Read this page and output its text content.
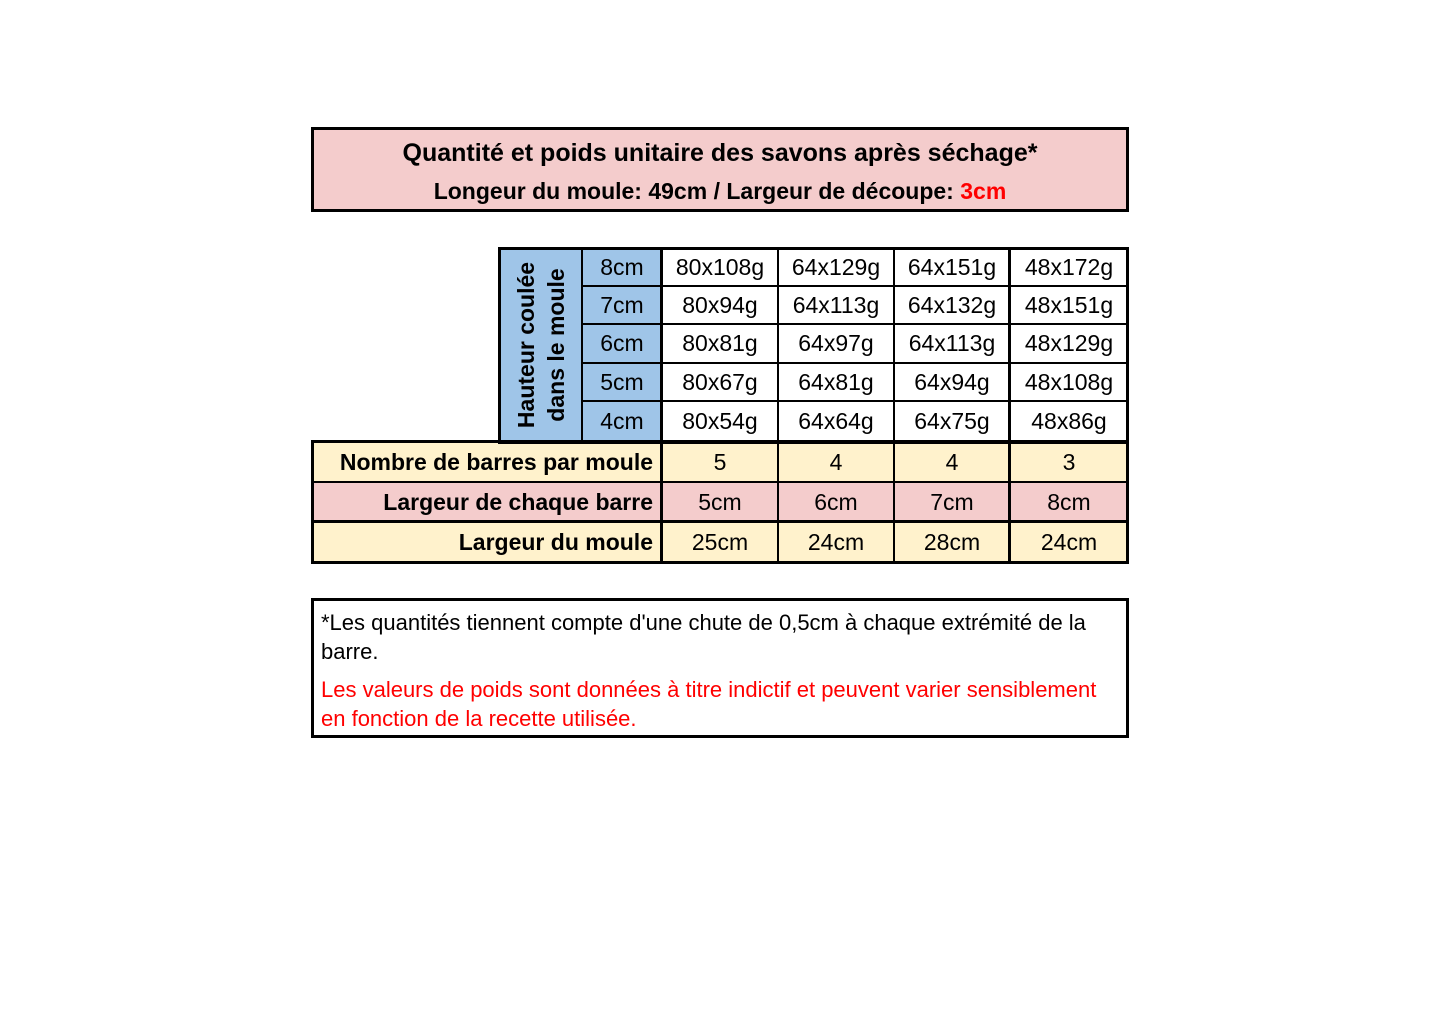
Quantité et poids unitaire des savons après séchage*
Longeur du moule: 49cm / Largeur de découpe: 3cm
Hauteur coulée dans le moule
8cm	80x108g	64x129g	64x151g	48x172g
7cm	80x94g	64x113g	64x132g	48x151g
6cm	80x81g	64x97g	64x113g	48x129g
5cm	80x67g	64x81g	64x94g	48x108g
4cm	80x54g	64x64g	64x75g	48x86g
Nombre de barres par moule	5	4	4	3
Largeur de chaque barre	5cm	6cm	7cm	8cm
Largeur du moule	25cm	24cm	28cm	24cm
*Les quantités tiennent compte d'une chute de 0,5cm à chaque extrémité de la barre.
Les valeurs de poids sont données à titre indictif et peuvent varier sensiblement en fonction de la recette utilisée.
